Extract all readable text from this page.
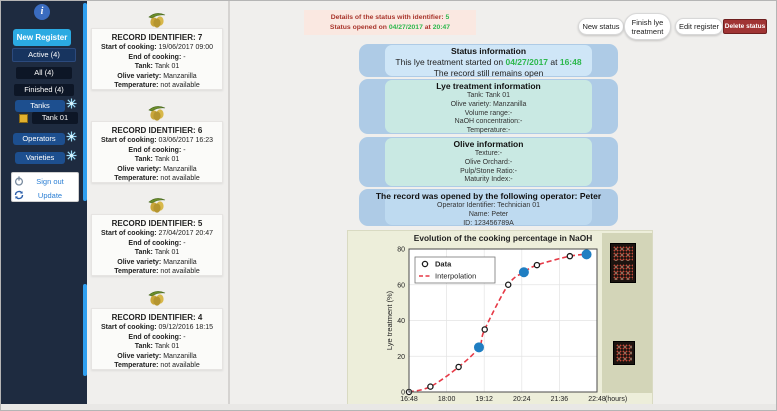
i
New Register
Active (4)
All (4)
Finished (4)
Tanks
Tank 01
Operators
Varieties
Sign out
Update
RECORD IDENTIFIER: 7
Start of cooking: 19/06/2017 09:00
End of cooking: -
Tank: Tank 01
Olive variety: Manzanilla
Temperature: not available
RECORD IDENTIFIER: 6
Start of cooking: 03/06/2017 16:23
End of cooking: -
Tank: Tank 01
Olive variety: Manzanilla
Temperature: not available
RECORD IDENTIFIER: 5
Start of cooking: 27/04/2017 20:47
End of cooking: -
Tank: Tank 01
Olive variety: Manzanilla
Temperature: not available
RECORD IDENTIFIER: 4
Start of cooking: 09/12/2016 18:15
End of cooking: -
Tank: Tank 01
Olive variety: Manzanilla
Temperature: not available
Details of the status with identifier: 5
Status opened on 04/27/2017 at 20:47	New status	Finish lye treatment	Edit register Delete status
Status information
This lye treatment started on 04/27/2017 at 16:48
The record still remains open
Lye treatment information
Tank: Tank 01
Olive variety: Manzanilla
Volume range:-
NaOH concentration:-
Temperature:-
Olive information
Texture:-
Olive Orchard:-
Pulp/Stone Ratio:-
Maturity Index:-
The record was opened by the following operator: Peter
Operator Identifier: Technician 01
Name: Peter
ID: 123456789A
16:48	18:00	19:12	20:24	21:36	22:48 (hours)
0
20
40
60
80
Evolution of the cooking percentage in NaOH
Lye treatment (%)
Data
Interpolation
